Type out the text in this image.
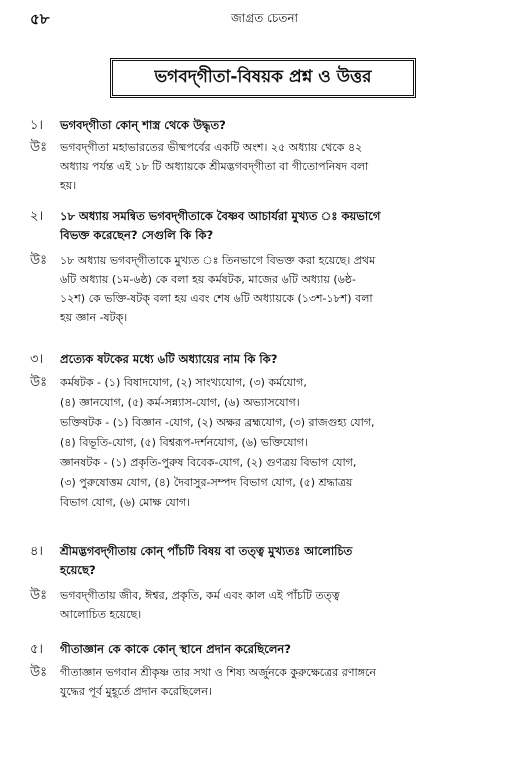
৫৮	জাগ্রত চেতনা
ভগবদ্‌গীতা-বিষয়ক প্রশ্ন ও উত্তর
১। ভগবদ্‌গীতা কোন্‌ শাস্ত্র থেকে উদ্ধৃত?
উঃ ভগবদ্‌গীতা মহাভারতের ভীষ্মপর্বের একটি অংশ। ২৫ অধ্যায় থেকে ৪২
অধ্যায় পর্যন্ত এই ১৮ টি অধ্যায়কে শ্রীমদ্ভগবদ্‌গীতা বা গীতোপনিষদ বলা
হয়।
২। ১৮ অধ্যায় সমন্বিত ভগবদ্‌গীতাকে বৈষ্ণব আচার্যরা মুখ্যত ঃ কয়ভাগে
বিভক্ত করেছেন? সেগুলি কি কি?
উঃ ১৮ অধ্যায় ভগবদ্‌গীতাকে মুখ্যত ঃ তিনভাগে বিভক্ত করা হয়েছে। প্রথম
৬টি অধ্যায় (১ম-৬ষ্ঠ) কে বলা হয় কর্মষটক, মাজের ৬টি অধ্যায় (৬ষ্ঠ-
১২শ) কে ভক্তি-ষটক্‌ বলা হয় এবং শেষ ৬টি অধ্যায়কে (১৩শ-১৮শ) বলা
হয় জ্ঞান -ষটক্‌।
৩। প্রত্যেক ষটকের মধ্যে ৬টি অধ্যায়ের নাম কি কি?
উঃ কর্মষটক - (১) বিষাদযোগ, (২) সাংখ্যযোগ, (৩) কর্মযোগ,
(৪) জ্ঞানযোগ, (৫) কর্ম-সন্ন্যাস-যোগ, (৬) অভ্যাসযোগ।
ভক্তিষটক - (১) বিজ্ঞান -যোগ, (২) অক্ষর ব্রহ্মযোগ, (৩) রাজগুহ্য যোগ,
(৪) বিভূতি-যোগ, (৫) বিশ্বরূপ-দর্শনযোগ, (৬) ভক্তিযোগ।
জ্ঞানষটক - (১) প্রকৃতি-পুরুষ বিবেক-যোগ, (২) গুণত্রয় বিভাগ যোগ,
(৩) পুরুষোত্তম যোগ, (৪) দৈবাসুর-সম্পদ বিভাগ যোগ, (৫) শ্রদ্ধাত্রয়
বিভাগ যোগ, (৬) মোক্ষ যোগ।
৪। শ্রীমদ্ভগবদ্‌গীতায় কোন্‌ পাঁচটি বিষয় বা তত্ত্ব মুখ্যতঃ আলোচিত
হয়েছে?
উঃ ভগবদ্‌গীতায় জীব, ঈশ্বর, প্রকৃতি, কর্ম এবং কাল এই পাঁচটি তত্ত্ব
আলোচিত হয়েছে।
৫। গীতাজ্ঞান কে কাকে কোন্‌ স্থানে প্রদান করেছিলেন?
উঃ গীতাজ্ঞান ভগবান শ্রীকৃষ্ণ তার সখা ও শিষ্য অর্জুনকে কুরুক্ষেত্রের রণাঙ্গনে
যুদ্ধের পূর্ব মুহূর্তে প্রদান করেছিলেন।
